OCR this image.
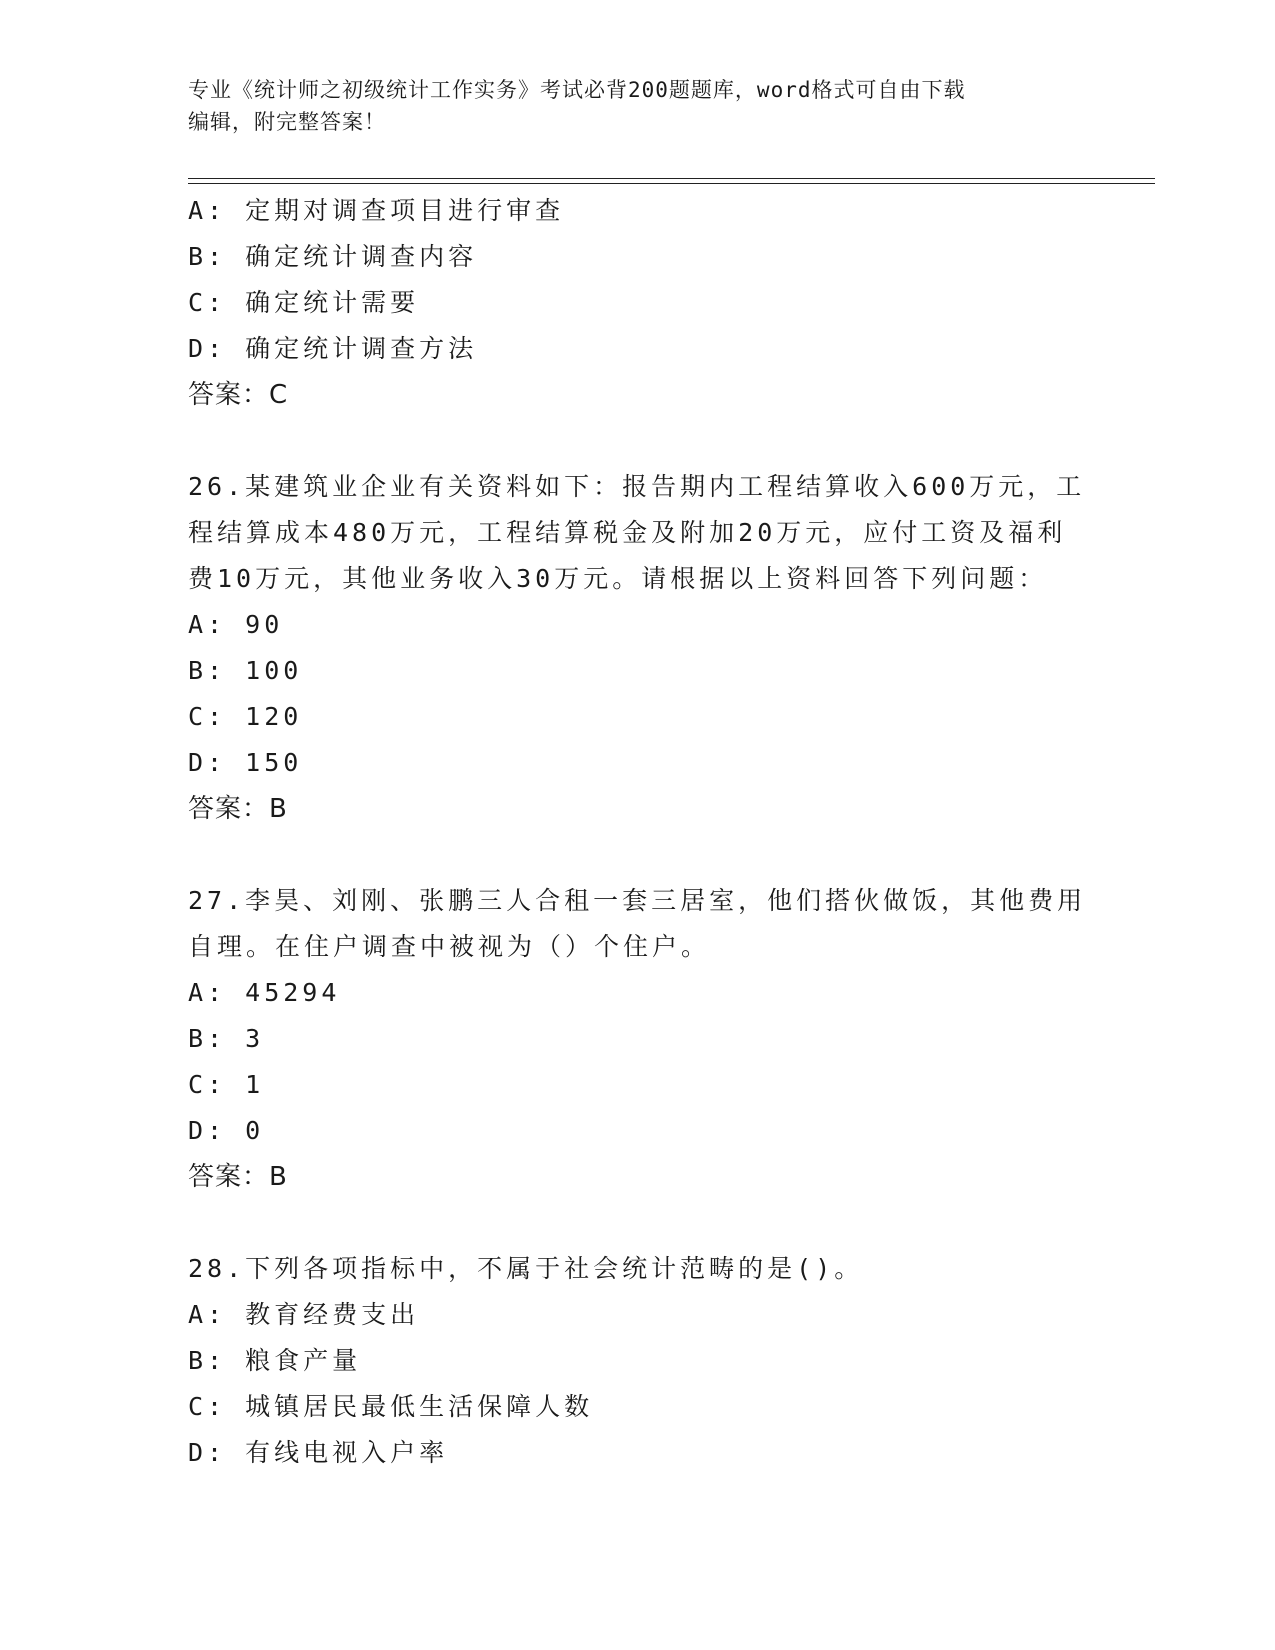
专业《统计师之初级统计工作实务》考试必背200题题库，word格式可自由下载
编辑，附完整答案！
A: 定期对调查项目进行审查
B: 确定统计调查内容
C: 确定统计需要
D: 确定统计调查方法
答案：C
26.某建筑业企业有关资料如下：报告期内工程结算收入600万元，工
程结算成本480万元，工程结算税金及附加20万元，应付工资及福利
费10万元，其他业务收入30万元。请根据以上资料回答下列问题：
A: 90
B: 100
C: 120
D: 150
答案：B
27.李昊、刘刚、张鹏三人合租一套三居室，他们搭伙做饭，其他费用
自理。在住户调查中被视为（）个住户。
A: 45294
B: 3
C: 1
D: 0
答案：B
28.下列各项指标中，不属于社会统计范畴的是()。
A: 教育经费支出
B: 粮食产量
C: 城镇居民最低生活保障人数
D: 有线电视入户率
